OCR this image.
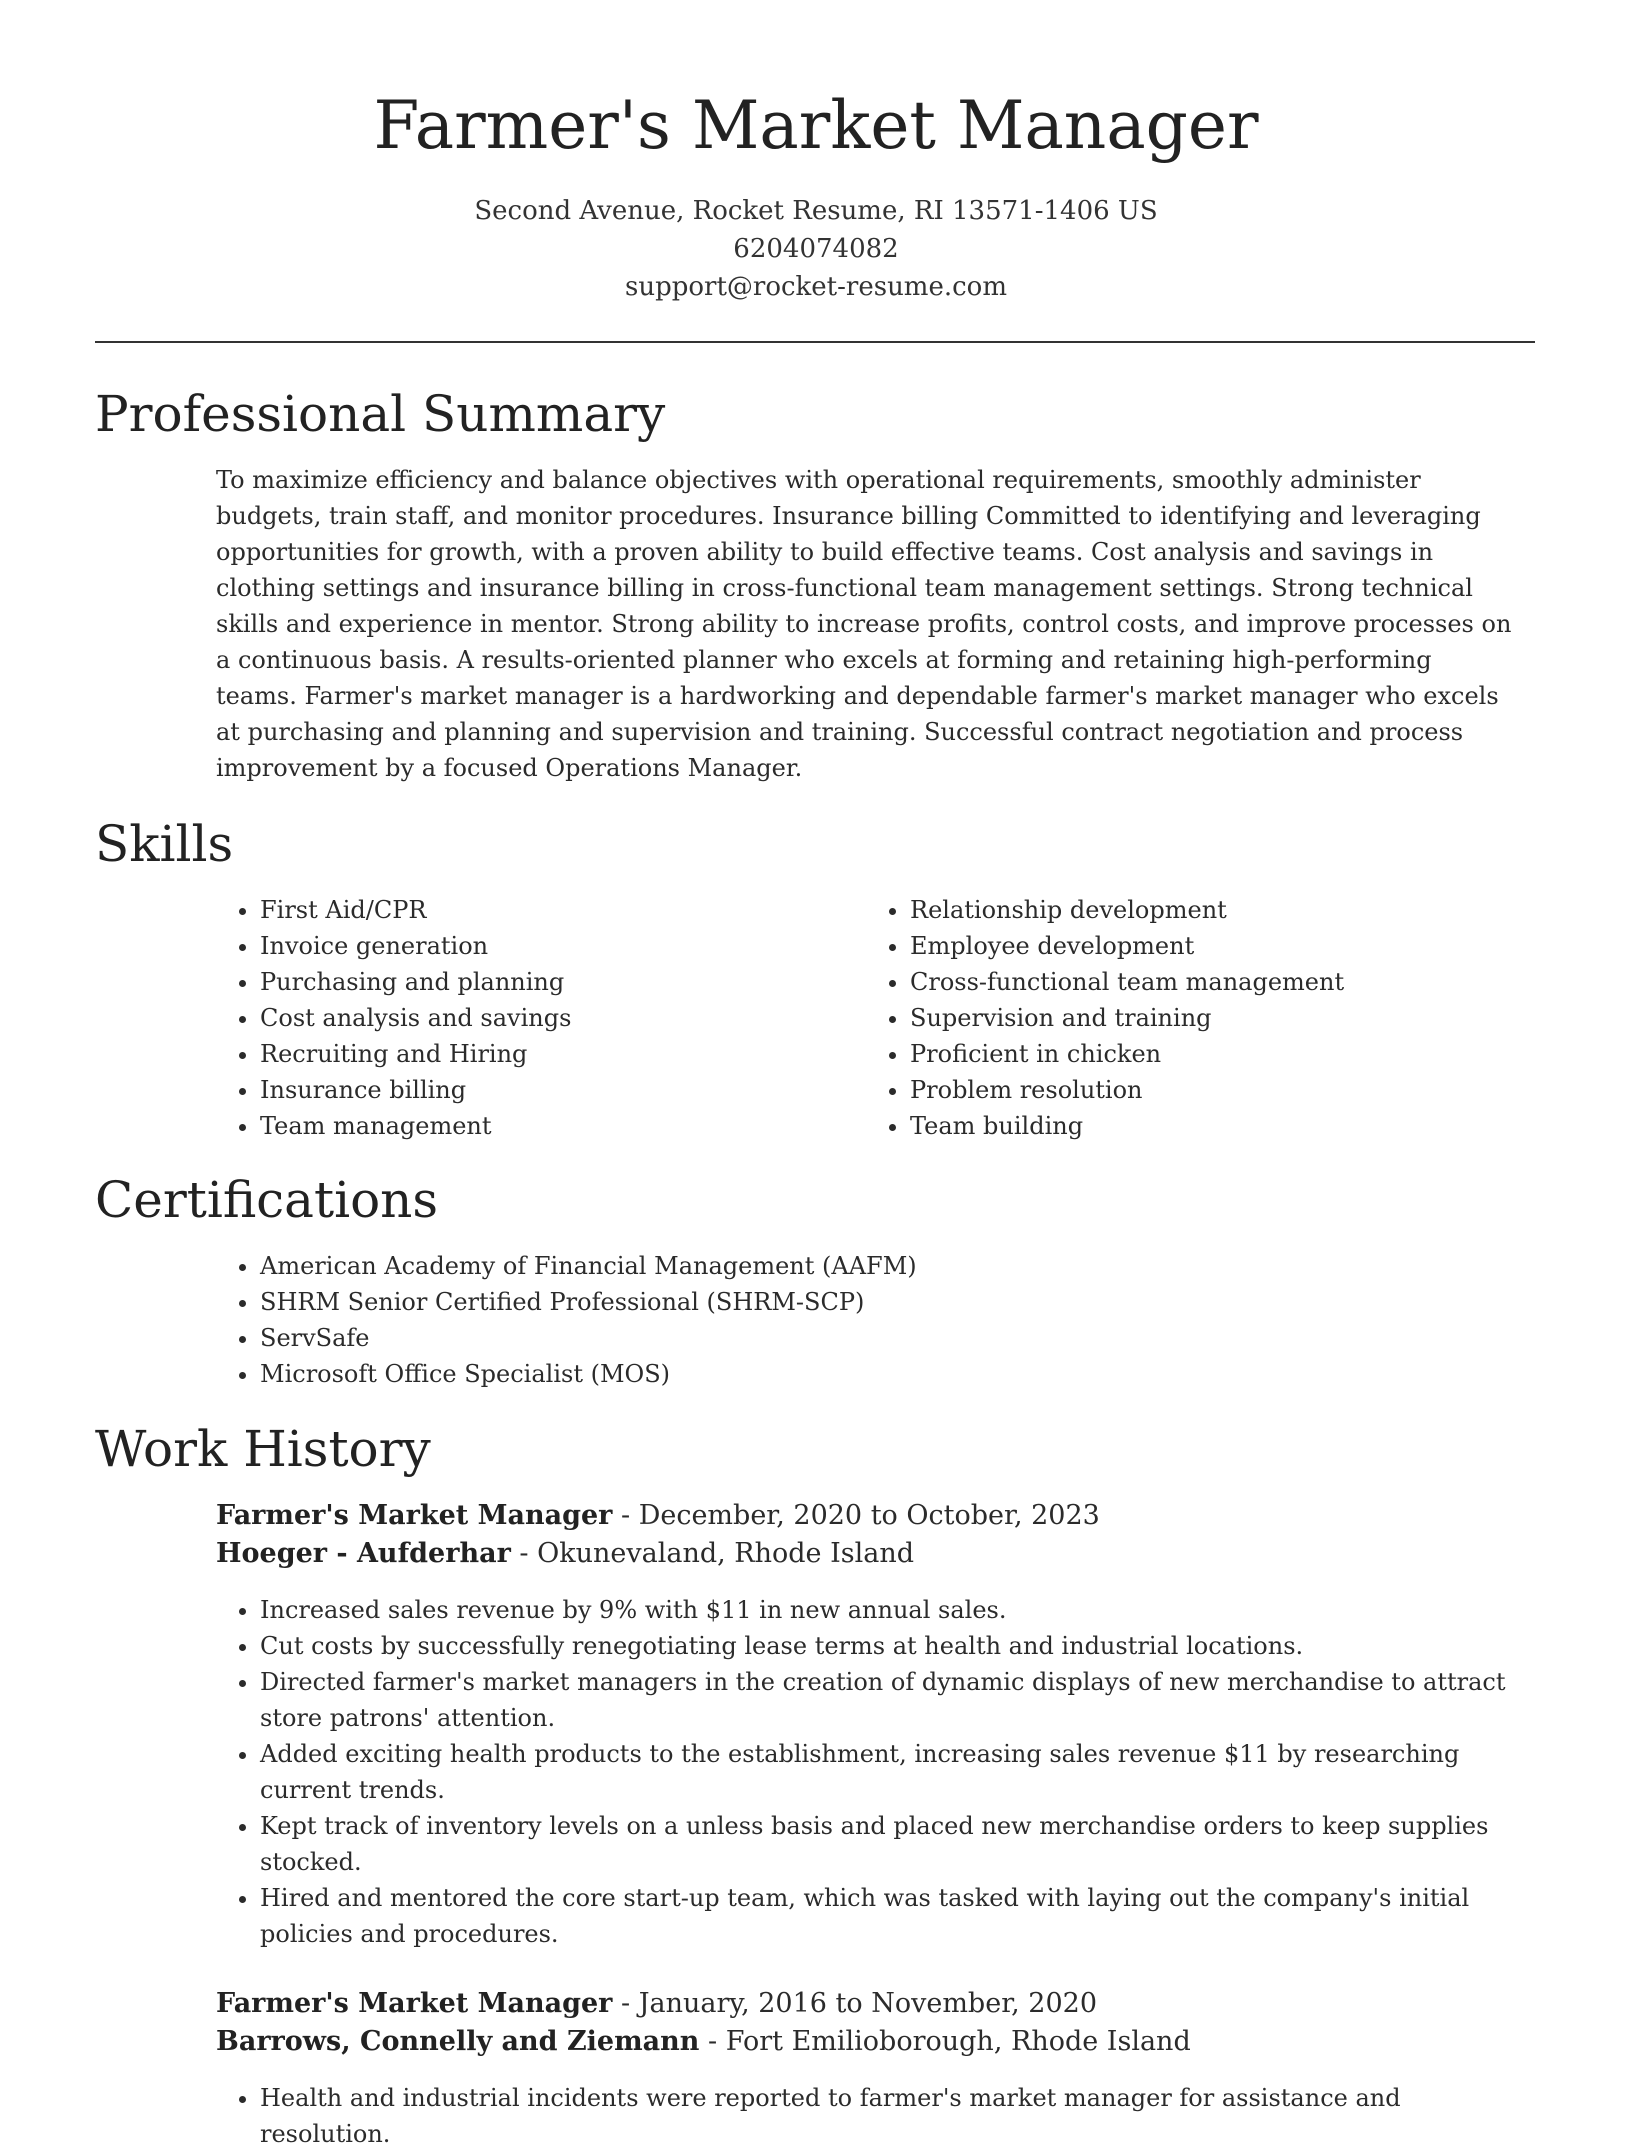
Farmer's Market Manager
Second Avenue, Rocket Resume, RI 13571-1406 US
6204074082
support@rocket-resume.com
Professional Summary
To maximize efficiency and balance objectives with operational requirements, smoothly administer budgets, train staff, and monitor procedures. Insurance billing Committed to identifying and leveraging opportunities for growth, with a proven ability to build effective teams. Cost analysis and savings in clothing settings and insurance billing in cross-functional team management settings. Strong technical skills and experience in mentor. Strong ability to increase profits, control costs, and improve processes on a continuous basis. A results-oriented planner who excels at forming and retaining high-performing teams. Farmer's market manager is a hardworking and dependable farmer's market manager who excels at purchasing and planning and supervision and training. Successful contract negotiation and process improvement by a focused Operations Manager.
Skills
• First Aid/CPR
• Invoice generation
• Purchasing and planning
• Cost analysis and savings
• Recruiting and Hiring
• Insurance billing
• Team management
• Relationship development
• Employee development
• Cross-functional team management
• Supervision and training
• Proficient in chicken
• Problem resolution
• Team building
Certifications
• American Academy of Financial Management (AAFM)
• SHRM Senior Certified Professional (SHRM-SCP)
• ServSafe
• Microsoft Office Specialist (MOS)
Work History
Farmer's Market Manager - December, 2020 to October, 2023
Hoeger - Aufderhar - Okunevaland, Rhode Island
• Increased sales revenue by 9% with $11 in new annual sales.
• Cut costs by successfully renegotiating lease terms at health and industrial locations.
• Directed farmer's market managers in the creation of dynamic displays of new merchandise to attract store patrons' attention.
• Added exciting health products to the establishment, increasing sales revenue $11 by researching current trends.
• Kept track of inventory levels on a unless basis and placed new merchandise orders to keep supplies stocked.
• Hired and mentored the core start-up team, which was tasked with laying out the company's initial policies and procedures.
Farmer's Market Manager - January, 2016 to November, 2020
Barrows, Connelly and Ziemann - Fort Emilioborough, Rhode Island
• Health and industrial incidents were reported to farmer's market manager for assistance and resolution.
